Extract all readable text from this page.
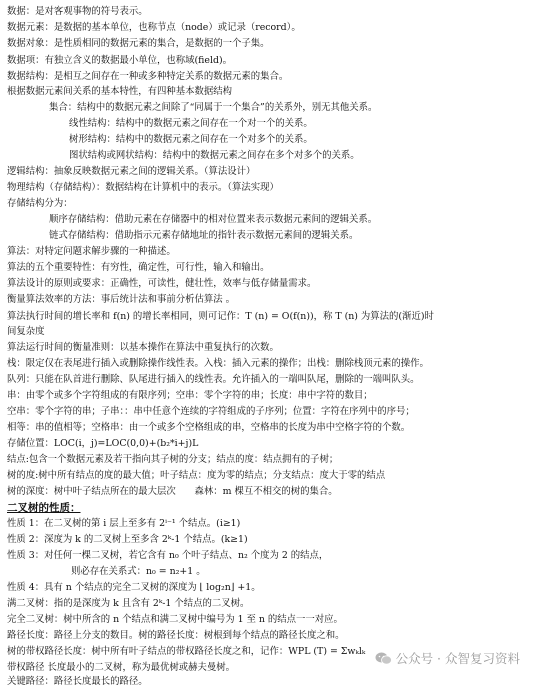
数据：是对客观事物的符号表示。
数据元素：是数据的基本单位，也称节点（node）或记录（record）。
数据对象：是性质相同的数据元素的集合，是数据的一个子集。
数据项：有独立含义的数据最小单位，也称域(field)。
数据结构：是相互之间存在一种或多种特定关系的数据元素的集合。
根据数据元素间关系的基本特性，有四种基本数据结构
集合：结构中的数据元素之间除了“同属于一个集合”的关系外，别无其他关系。
线性结构：结构中的数据元素之间存在一个对一个的关系。
树形结构：结构中的数据元素之间存在一个对多个的关系。
图状结构或网状结构：结构中的数据元素之间存在多个对多个的关系。
逻辑结构：抽象反映数据元素之间的逻辑关系。（算法设计）
物理结构（存储结构）：数据结构在计算机中的表示。（算法实现）
存储结构分为：
顺序存储结构：借助元素在存储器中的相对位置来表示数据元素间的逻辑关系。
链式存储结构：借助指示元素存储地址的指针表示数据元素间的逻辑关系。
算法：对特定问题求解步骤的一种描述。
算法的五个重要特性：有穷性，确定性，可行性，输入和输出。
算法设计的原则或要求：正确性，可读性，健壮性，效率与低存储量需求。
衡量算法效率的方法：事后统计法和事前分析估算法 。
算法执行时间的增长率和 f(n) 的增长率相同，则可记作：T (n) = O(f(n))，称 T (n) 为算法的(渐近)时
间复杂度
算法运行时间的衡量准则：以基本操作在算法中重复执行的次数。
栈：限定仅在表尾进行插入或删除操作线性表。入栈：插入元素的操作；出栈：删除栈顶元素的操作。
队列：只能在队首进行删除、队尾进行插入的线性表。允许插入的一端叫队尾，删除的一端叫队头。
串：由零个或多个字符组成的有限序列；空串：零个字符的串；长度：串中字符的数目；
空串：零个字符的串；子串：：串中任意个连续的字符组成的子序列；位置：字符在序列中的序号；
相等：串的值相等；空格串：由一个或多个空格组成的串，空格串的长度为串中空格字符的个数。
存储位置：LOC(i，j)=LOC(0,0)+(b₂*i+j)L
结点:包含一个数据元素及若干指向其子树的分支；结点的度：结点拥有的子树；
树的度:树中所有结点的度的最大值；叶子结点：度为零的结点；分支结点：度大于零的结点
树的深度：树中叶子结点所在的最大层次　　森林：m 棵互不相交的树的集合。
二叉树的性质：
性质 1：在二叉树的第 i 层上至多有 2ⁱ⁻¹ 个结点。(i≥1)
性质 2：深度为 k 的二叉树上至多含 2ᵏ-1 个结点。(k≥1)
性质 3：对任何一棵二叉树，若它含有 n₀ 个叶子结点、n₂ 个度为 2 的结点，
则必存在关系式：n₀ = n₂+1 。
性质 4：具有 n 个结点的完全二叉树的深度为 ⌊ log₂n⌋ +1。
满二叉树：指的是深度为 k 且含有 2ᵏ-1 个结点的二叉树。
完全二叉树：树中所含的 n 个结点和满二叉树中编号为 1 至 n 的结点一一对应。
路径长度：路径上分支的数目。树的路径长度：树根到每个结点的路径长度之和。
树的带权路径长度：树中所有叶子结点的带权路径长度之和，记作：WPL (T) = Σwₖlₖ
带权路径 长度最小的二叉树，称为最优树或赫夫曼树。
关键路径：路径长度最长的路径。
公众号 · 众智复习资料
